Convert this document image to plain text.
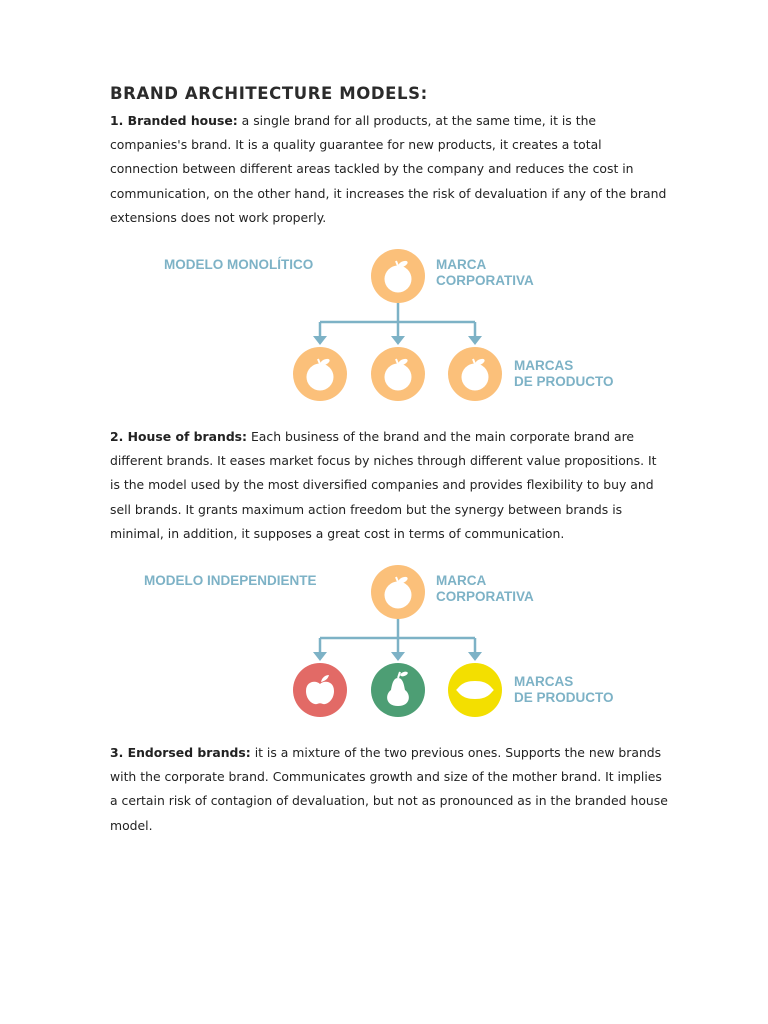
BRAND ARCHITECTURE MODELS:
1. Branded house: a single brand for all products, at the same time, it is the companies's brand. It is a quality guarantee for new products, it creates a total connection between different areas tackled by the company and reduces the cost in communication, on the other hand, it increases the risk of devaluation if any of the brand extensions does not work properly.
MODELO MONOLÍTICO	MARCA
CORPORATIVA
MARCAS
DE PRODUCTO
2. House of brands: Each business of the brand and the main corporate brand are different brands. It eases market focus by niches through different value propositions. It is the model used by the most diversified companies and provides flexibility to buy and sell brands. It grants maximum action freedom but the synergy between brands is minimal, in addition, it supposes a great cost in terms of communication.
MODELO INDEPENDIENTE	MARCA
CORPORATIVA
MARCAS
DE PRODUCTO
3. Endorsed brands: it is a mixture of the two previous ones. Supports the new brands with the corporate brand. Communicates growth and size of the mother brand. It implies a certain risk of contagion of devaluation, but not as pronounced as in the branded house model.
